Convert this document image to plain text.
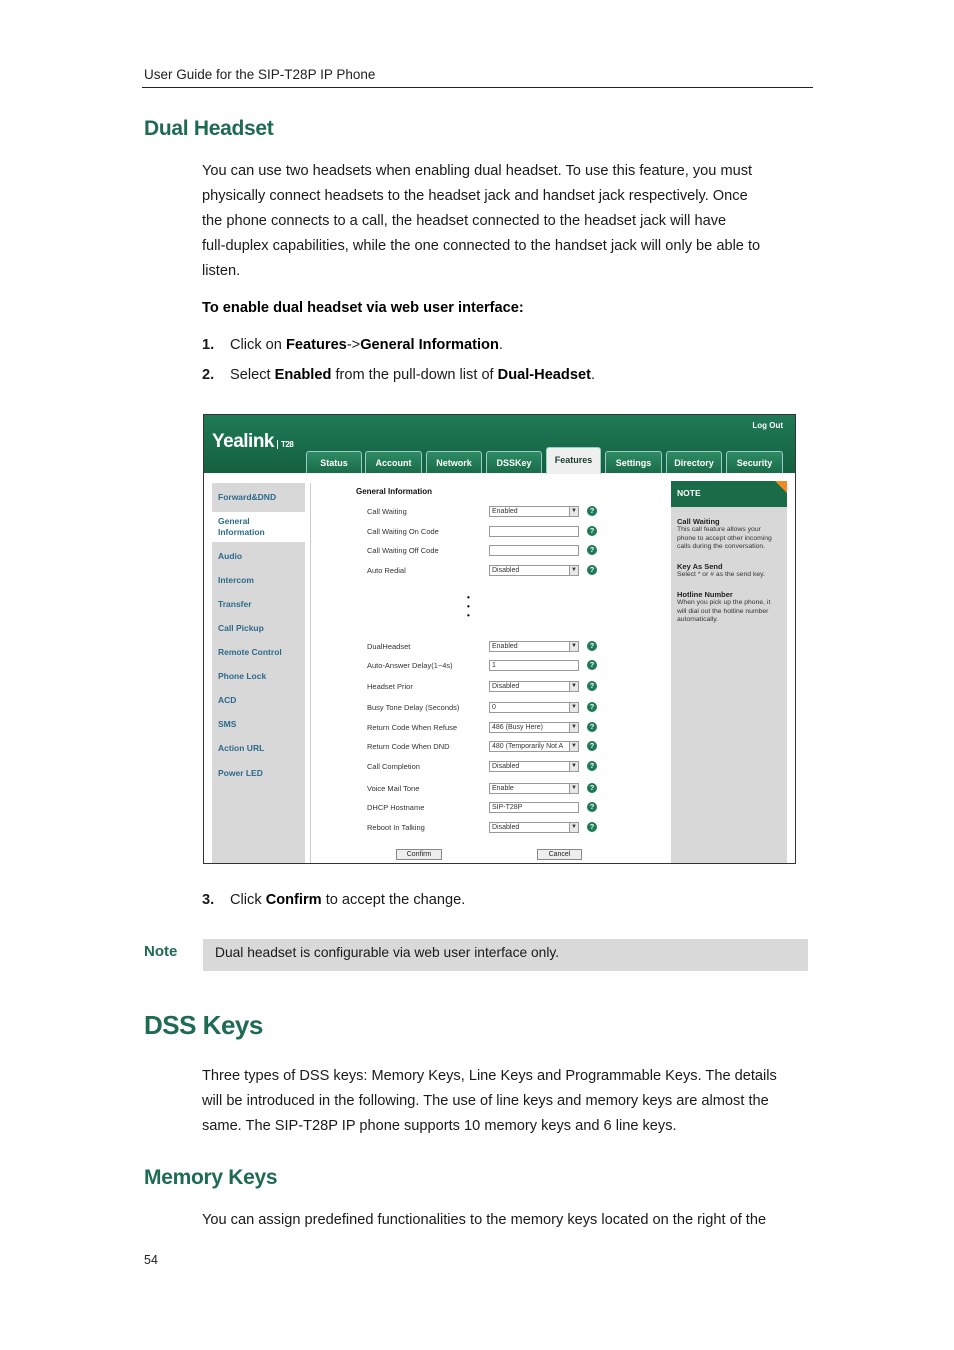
User Guide for the SIP-T28P IP Phone
Dual Headset
You can use two headsets when enabling dual headset. To use this feature, you must
physically connect headsets to the headset jack and handset jack respectively. Once
the phone connects to a call, the headset connected to the headset jack will have
full-duplex capabilities, while the one connected to the handset jack will only be able to
listen.
To enable dual headset via web user interface:
1. Click on Features->General Information.
2. Select Enabled from the pull-down list of Dual-Headset.
Yealink T28
Log Out
Status	Account	Network	DSSKey	Features	Settings	Directory	Security
Forward&DND
General
Information
Audio
Intercom
Transfer
Call Pickup
Remote Control
Phone Lock
ACD
SMS
Action URL
Power LED
General Information
Call Waiting	Enabled	▼	?
Call Waiting On Code	?
Call Waiting Off Code	?
Auto Redial	Disabled	▼	?
•
•
•
DualHeadset	Enabled	▼	?
Auto-Answer Delay(1~4s)	1	?
Headset Prior	Disabled	▼	?
Busy Tone Delay (Seconds)	0	▼	?
Return Code When Refuse	486 (Busy Here)	▼	?
Return Code When DND	480 (Temporarily Not A	▼	?
Call Completion	Disabled	▼	?
Voice Mail Tone	Enable	▼	?
DHCP Hostname	SIP-T28P	?
Reboot In Talking	Disabled	▼	?
Confirm	Cancel
NOTE
Call Waiting
This call feature allows your
phone to accept other incoming
calls during the conversation.
Key As Send
Select * or # as the send key.
Hotline Number
When you pick up the phone, it
will dial out the hotline number
automatically.
3. Click Confirm to accept the change.
Note	Dual headset is configurable via web user interface only.
DSS Keys
Three types of DSS keys: Memory Keys, Line Keys and Programmable Keys. The details
will be introduced in the following. The use of line keys and memory keys are almost the
same. The SIP-T28P IP phone supports 10 memory keys and 6 line keys.
Memory Keys
You can assign predefined functionalities to the memory keys located on the right of the
54
